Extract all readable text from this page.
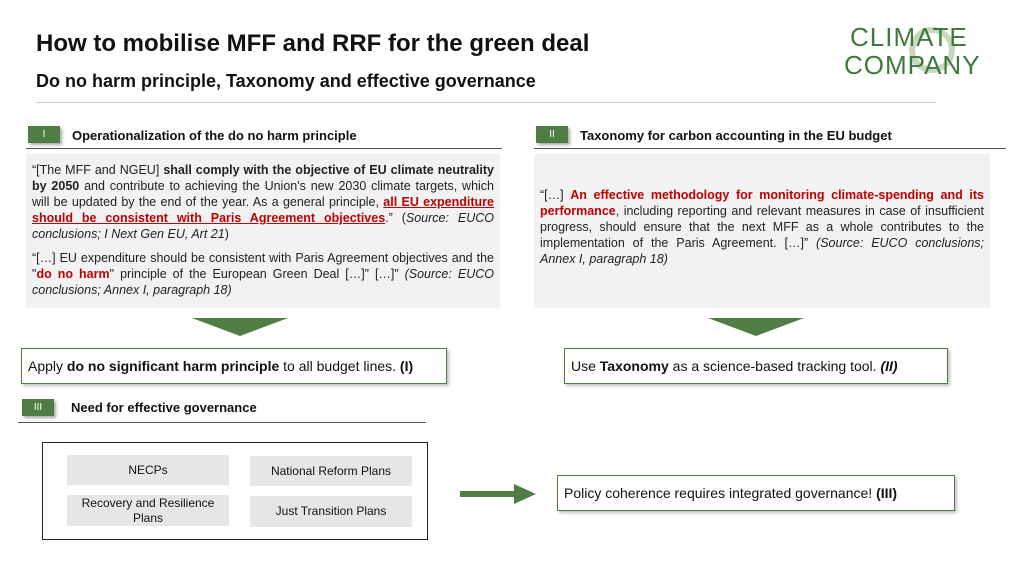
How to mobilise MFF and RRF for the green deal
Do no harm principle, Taxonomy and effective governance
CLIMATE
COMPANY
I	Operationalization of the do no harm principle

“[The MFF and NGEU] shall comply with the objective of EU climate neutrality by 2050 and contribute to achieving the Union's new 2030 climate targets, which will be updated by the end of the year. As a general principle, all EU expenditure should be consistent with Paris Agreement objectives.” (Source: EUCO conclusions; I Next Gen EU, Art 21)

“[…] EU expenditure should be consistent with Paris Agreement objectives and the "do no harm" principle of the European Green Deal […]” […]” (Source: EUCO conclusions; Annex I, paragraph 18)

Apply do no significant harm principle to all budget lines. (I)
II	Taxonomy for carbon accounting in the EU budget

“[…] An effective methodology for monitoring climate-spending and its performance, including reporting and relevant measures in case of insufficient progress, should ensure that the next MFF as a whole contributes to the implementation of the Paris Agreement. […]” (Source: EUCO conclusions; Annex I, paragraph 18)

Use Taxonomy as a science-based tracking tool. (II)
III	Need for effective governance
NECPs	National Reform Plans
Recovery and Resilience Plans	Just Transition Plans
Policy coherence requires integrated governance! (III)
